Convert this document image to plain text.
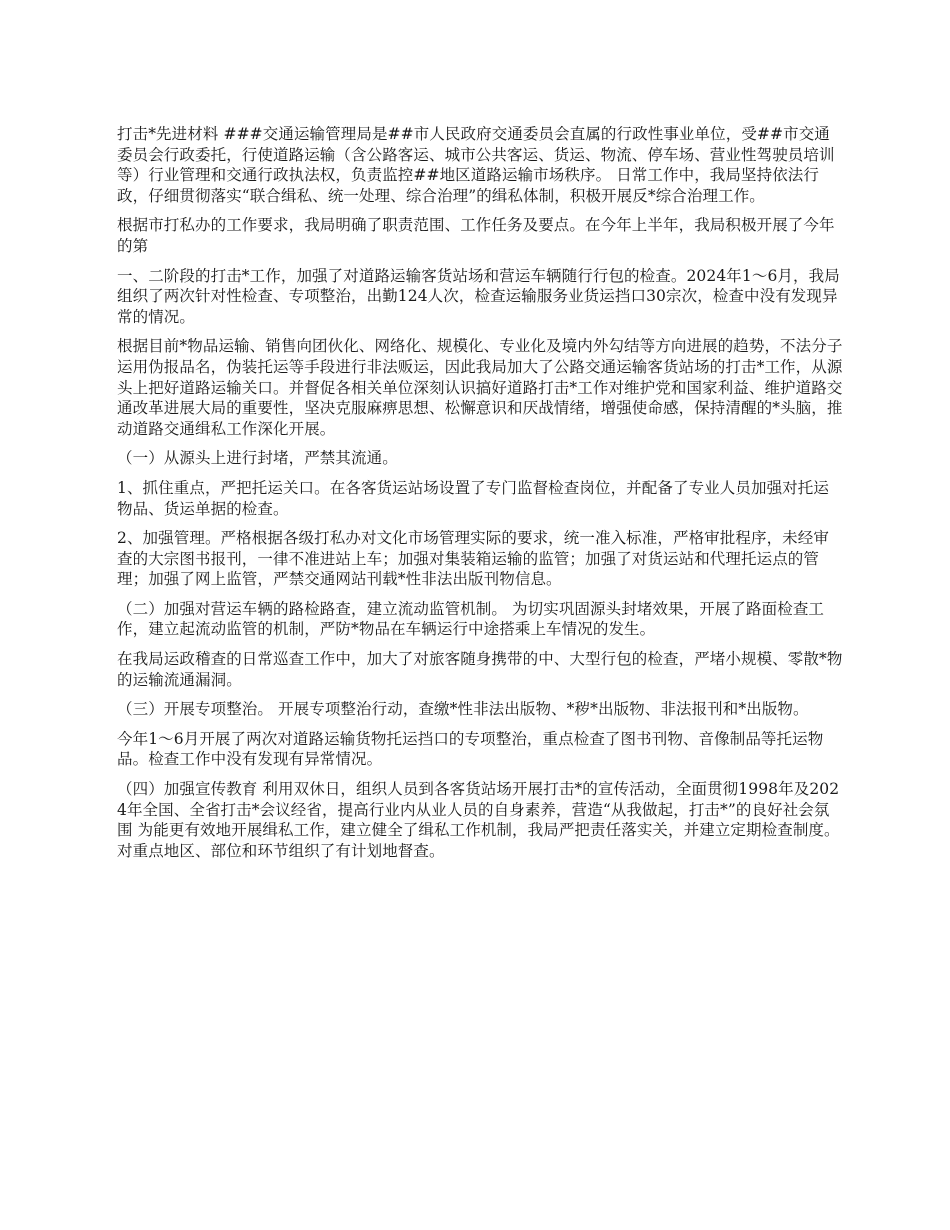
打击*先进材料 ###交通运输管理局是##市人民政府交通委员会直属的行政性事业单位，受##市交通委员会行政委托，行使道路运输（含公路客运、城市公共客运、货运、物流、停车场、营业性驾驶员培训等）行业管理和交通行政执法权，负责监控##地区道路运输市场秩序。 日常工作中，我局坚持依法行政，仔细贯彻落实“联合缉私、统一处理、综合治理”的缉私体制，积极开展反*综合治理工作。

根据市打私办的工作要求，我局明确了职责范围、工作任务及要点。在今年上半年，我局积极开展了今年的第

一、二阶段的打击*工作，加强了对道路运输客货站场和营运车辆随行行包的检查。2024年1～6月，我局组织了两次针对性检查、专项整治，出勤124人次，检查运输服务业货运挡口30宗次，检查中没有发现异常的情况。

根据目前*物品运输、销售向团伙化、网络化、规模化、专业化及境内外勾结等方向进展的趋势，不法分子运用伪报品名，伪装托运等手段进行非法贩运，因此我局加大了公路交通运输客货站场的打击*工作，从源头上把好道路运输关口。并督促各相关单位深刻认识搞好道路打击*工作对维护党和国家利益、维护道路交通改革进展大局的重要性，坚决克服麻痹思想、松懈意识和厌战情绪，增强使命感，保持清醒的*头脑，推动道路交通缉私工作深化开展。

（一）从源头上进行封堵，严禁其流通。

1、抓住重点，严把托运关口。在各客货运站场设置了专门监督检查岗位，并配备了专业人员加强对托运物品、货运单据的检查。

2、加强管理。严格根据各级打私办对文化市场管理实际的要求，统一准入标准，严格审批程序，未经审查的大宗图书报刊，一律不准进站上车；加强对集装箱运输的监管；加强了对货运站和代理托运点的管理；加强了网上监管，严禁交通网站刊载*性非法出版刊物信息。

（二）加强对营运车辆的路检路查，建立流动监管机制。 为切实巩固源头封堵效果，开展了路面检查工作，建立起流动监管的机制，严防*物品在车辆运行中途搭乘上车情况的发生。

在我局运政稽查的日常巡查工作中，加大了对旅客随身携带的中、大型行包的检查，严堵小规模、零散*物的运输流通漏洞。

（三）开展专项整治。 开展专项整治行动，查缴*性非法出版物、*秽*出版物、非法报刊和*出版物。

今年1～6月开展了两次对道路运输货物托运挡口的专项整治，重点检查了图书刊物、音像制品等托运物品。检查工作中没有发现有异常情况。

（四）加强宣传教育 利用双休日，组织人员到各客货站场开展打击*的宣传活动，全面贯彻1998年及2024年全国、全省打击*会议经省，提高行业内从业人员的自身素养，营造“从我做起，打击*”的良好社会氛围 为能更有效地开展缉私工作，建立健全了缉私工作机制，我局严把责任落实关，并建立定期检查制度。对重点地区、部位和环节组织了有计划地督查。
